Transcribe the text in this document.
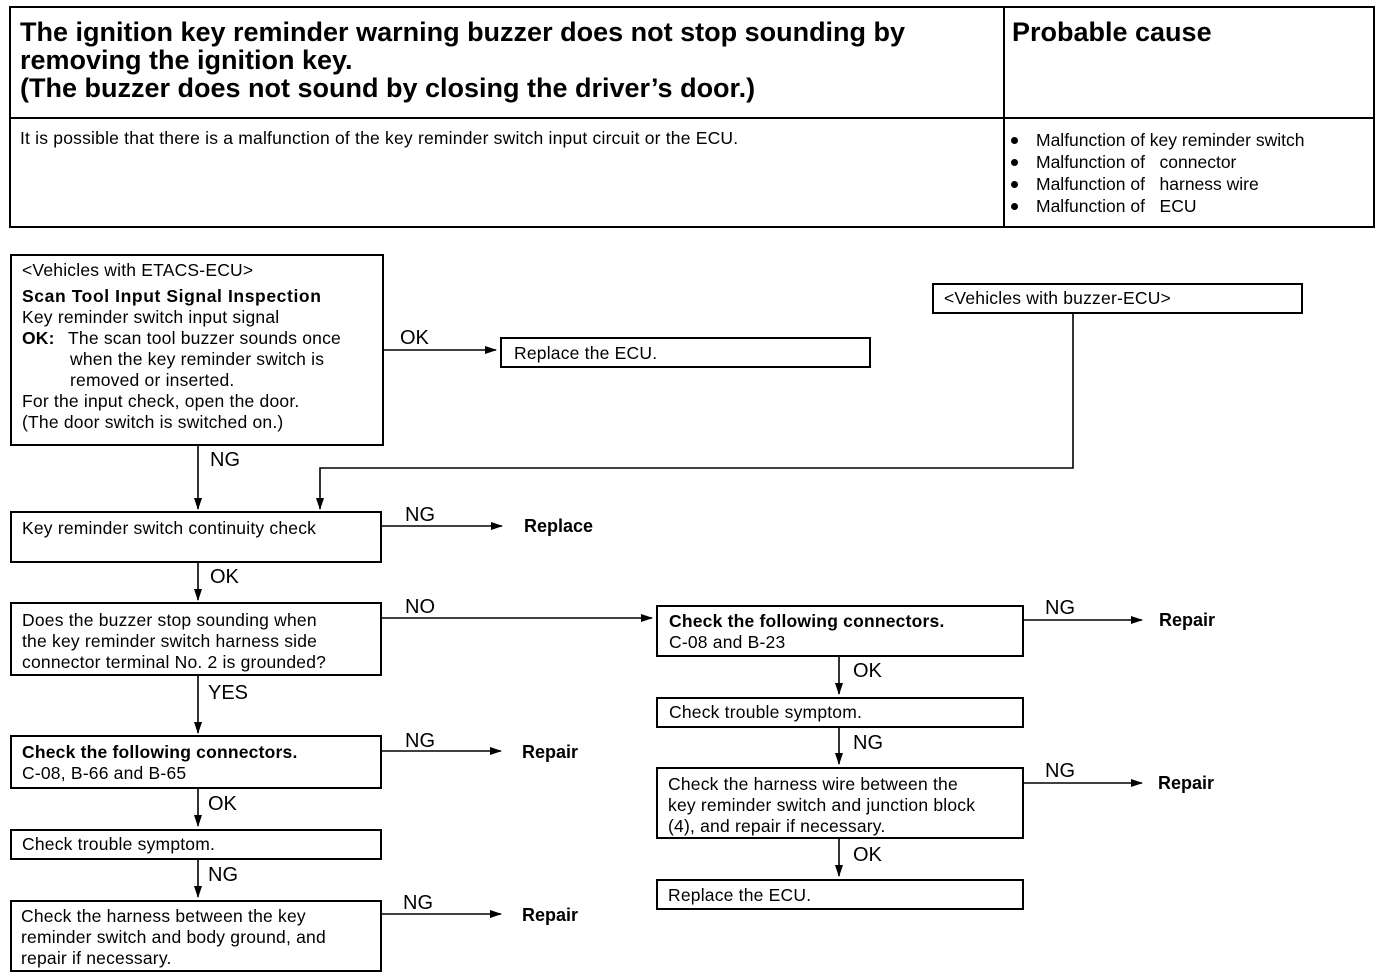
The ignition key reminder warning buzzer does not stop sounding by
removing the ignition key.
(The buzzer does not sound by closing the driver’s door.)
Probable cause
It is possible that there is a malfunction of the key reminder switch input circuit or the ECU.	Malfunction of key reminder switch
Malfunction of   connector
Malfunction of   harness wire
Malfunction of   ECU
<Vehicles with ETACS-ECU>
Scan Tool Input Signal Inspection
Key reminder switch input signal
OK: The scan tool buzzer sounds once
when the key reminder switch is
removed or inserted.
For the input check, open the door.
(The door switch is switched on.)
<Vehicles with buzzer-ECU>
Replace the ECU.
Key reminder switch continuity check
Does the buzzer stop sounding when
the key reminder switch harness side
connector terminal No. 2 is grounded?
Check the following connectors.
C-08, B-66 and B-65
Check trouble symptom.
Check the harness between the key
reminder switch and body ground, and
repair if necessary.
Check the following connectors.
C-08 and B-23
Check trouble symptom.
Check the harness wire between the
key reminder switch and junction block
(4), and repair if necessary.
Replace the ECU.
OK
NG
NG
OK
NO
YES
NG
OK
NG
NG
NG
OK
NG
NG
OK
Replace
Repair
Repair
Repair
Repair
